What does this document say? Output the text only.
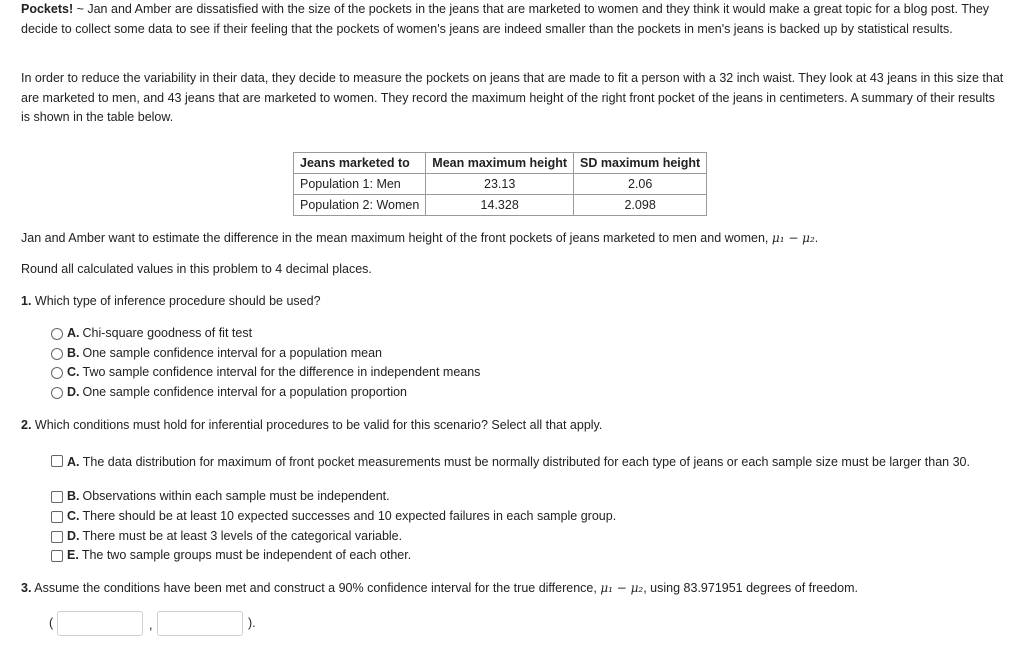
Pockets! ~ Jan and Amber are dissatisfied with the size of the pockets in the jeans that are marketed to women and they think it would make a great topic for a blog post. They decide to collect some data to see if their feeling that the pockets of women's jeans are indeed smaller than the pockets in men's jeans is backed up by statistical results.

In order to reduce the variability in their data, they decide to measure the pockets on jeans that are made to fit a person with a 32 inch waist. They look at 43 jeans in this size that are marketed to men, and 43 jeans that are marketed to women. They record the maximum height of the right front pocket of the jeans in centimeters. A summary of their results is shown in the table below.

Jeans marketed to	Mean maximum height	SD maximum height
Population 1: Men	23.13	2.06
Population 2: Women	14.328	2.098
Jan and Amber want to estimate the difference in the mean maximum height of the front pockets of jeans marketed to men and women, μ₁ − μ₂.
Round all calculated values in this problem to 4 decimal places.
1. Which type of inference procedure should be used?
A. Chi-square goodness of fit test
B. One sample confidence interval for a population mean
C. Two sample confidence interval for the difference in independent means
D. One sample confidence interval for a population proportion
2. Which conditions must hold for inferential procedures to be valid for this scenario? Select all that apply.
A. The data distribution for maximum of front pocket measurements must be normally distributed for each type of jeans or each sample size must be larger than 30.
B. Observations within each sample must be independent.
C. There should be at least 10 expected successes and 10 expected failures in each sample group.
D. There must be at least 3 levels of the categorical variable.
E. The two sample groups must be independent of each other.
3. Assume the conditions have been met and construct a 90% confidence interval for the true difference, μ₁ − μ₂, using 83.971951 degrees of freedom.
(	,	).
